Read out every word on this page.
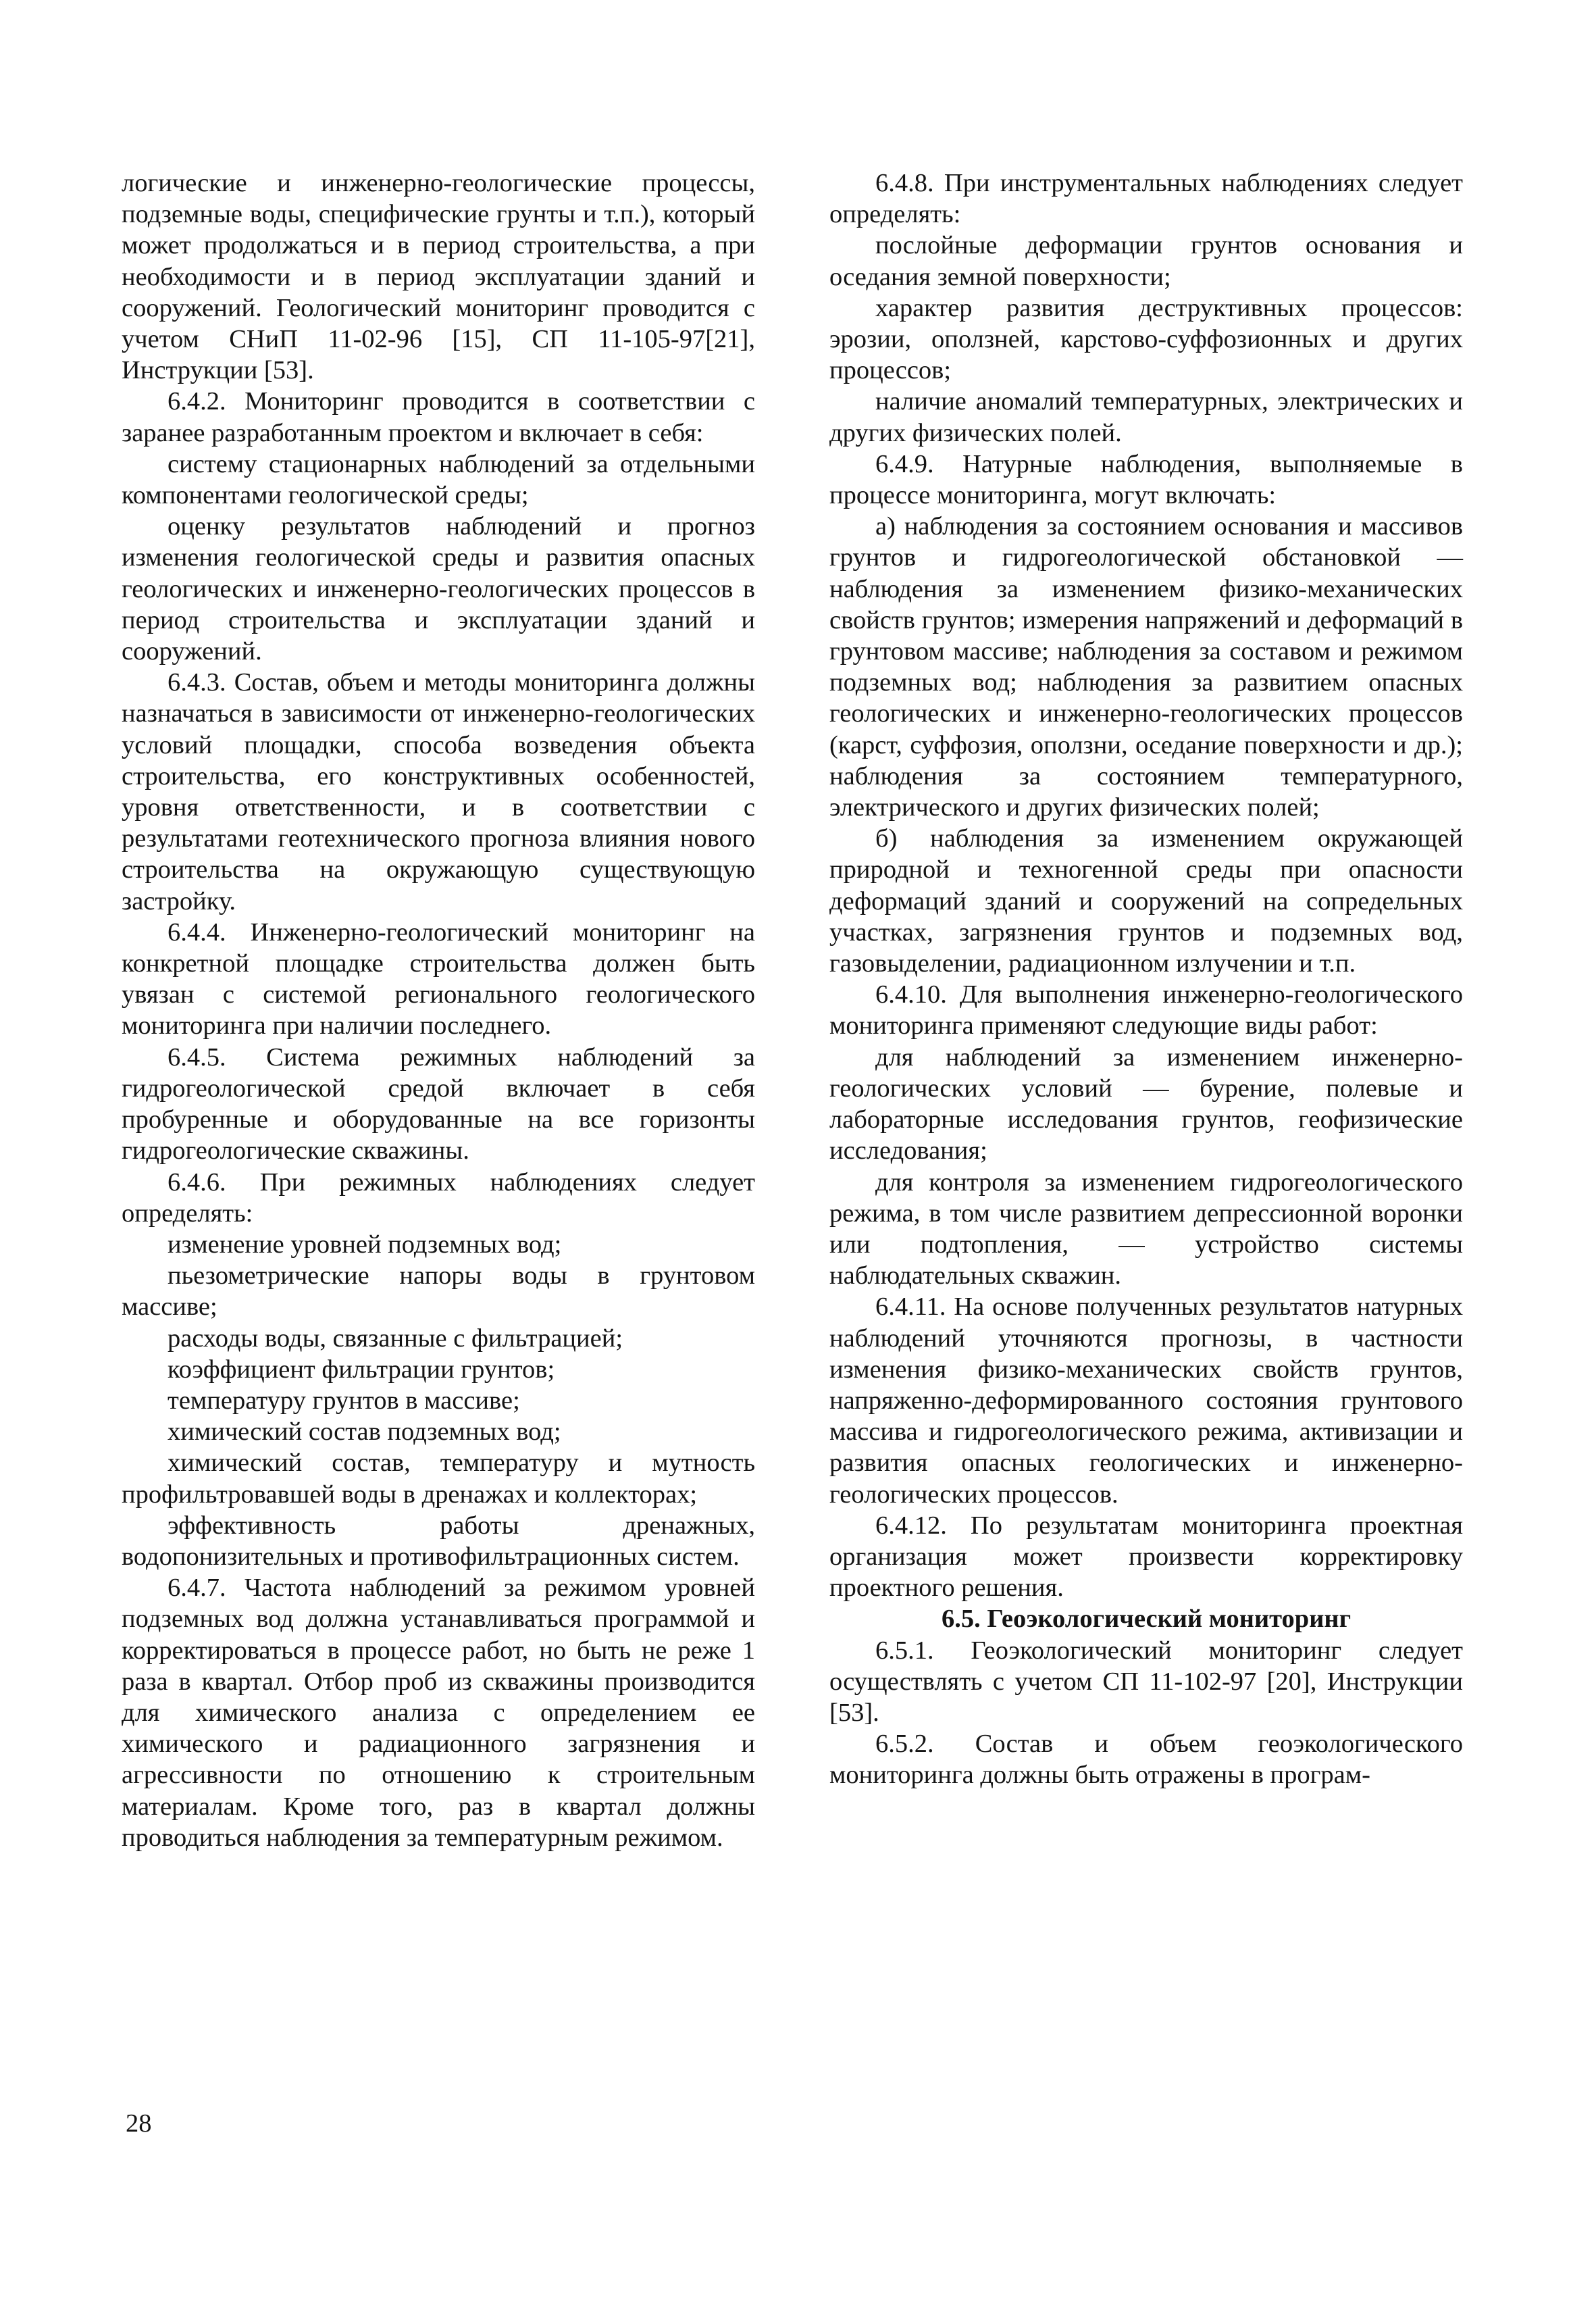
логические и инженерно-геологические процессы, подземные воды, специфические грунты и т.п.), который может продолжаться и в период строительства, а при необходимости и в период эксплуатации зданий и сооружений. Геологический мониторинг проводится с учетом СНиП 11-02-96 [15], СП 11-105-97[21], Инструкции [53].

6.4.2. Мониторинг проводится в соответствии с заранее разработанным проектом и включает в себя:

систему стационарных наблюдений за отдельными компонентами геологической среды;

оценку результатов наблюдений и прогноз изменения геологической среды и развития опасных геологических и инженерно-геологических процессов в период строительства и эксплуатации зданий и сооружений.

6.4.3. Состав, объем и методы мониторинга должны назначаться в зависимости от инженерно-геологических условий площадки, способа возведения объекта строительства, его конструктивных особенностей, уровня ответственности, и в соответствии с результатами геотехнического прогноза влияния нового строительства на окружающую существующую застройку.

6.4.4. Инженерно-геологический мониторинг на конкретной площадке строительства должен быть увязан с системой регионального геологического мониторинга при наличии последнего.

6.4.5. Система режимных наблюдений за гидрогеологической средой включает в себя пробуренные и оборудованные на все горизонты гидрогеологические скважины.

6.4.6. При режимных наблюдениях следует определять:

изменение уровней подземных вод;

пьезометрические напоры воды в грунтовом массиве;

расходы воды, связанные с фильтрацией;

коэффициент фильтрации грунтов;

температуру грунтов в массиве;

химический состав подземных вод;

химический состав, температуру и мутность профильтровавшей воды в дренажах и коллекторах;

эффективность работы дренажных, водопонизительных и противофильтрационных систем.

6.4.7. Частота наблюдений за режимом уровней подземных вод должна устанавливаться программой и корректироваться в процессе работ, но быть не реже 1 раза в квартал. Отбор проб из скважины производится для химического анализа с определением ее химического и радиационного загрязнения и агрессивности по отношению к строительным материалам. Кроме того, раз в квартал должны проводиться наблюдения за температурным режимом.

6.4.8. При инструментальных наблюдениях следует определять:

послойные деформации грунтов основания и оседания земной поверхности;

характер развития деструктивных процессов: эрозии, оползней, карстово-суффозионных и других процессов;

наличие аномалий температурных, электрических и других физических полей.

6.4.9. Натурные наблюдения, выполняемые в процессе мониторинга, могут включать:

а) наблюдения за состоянием основания и массивов грунтов и гидрогеологической обстановкой — наблюдения за изменением физико-механических свойств грунтов; измерения напряжений и деформаций в грунтовом массиве; наблюдения за составом и режимом подземных вод; наблюдения за развитием опасных геологических и инженерно-геологических процессов (карст, суффозия, оползни, оседание поверхности и др.); наблюдения за состоянием температурного, электрического и других физических полей;

б) наблюдения за изменением окружающей природной и техногенной среды при опасности деформаций зданий и сооружений на сопредельных участках, загрязнения грунтов и подземных вод, газовыделении, радиационном излучении и т.п.

6.4.10. Для выполнения инженерно-геологического мониторинга применяют следующие виды работ:

для наблюдений за изменением инженерно-геологических условий — бурение, полевые и лабораторные исследования грунтов, геофизические исследования;

для контроля за изменением гидрогеологического режима, в том числе развитием депрессионной воронки или подтопления, — устройство системы наблюдательных скважин.

6.4.11. На основе полученных результатов натурных наблюдений уточняются прогнозы, в частности изменения физико-механических свойств грунтов, напряженно-деформированного состояния грунтового массива и гидрогеологического режима, активизации и развития опасных геологических и инженерно-геологических процессов.

6.4.12. По результатам мониторинга проектная организация может произвести корректировку проектного решения.

6.5. Геоэкологический мониторинг

6.5.1. Геоэкологический мониторинг следует осуществлять с учетом СП 11-102-97 [20], Инструкции [53].

6.5.2. Состав и объем геоэкологического мониторинга должны быть отражены в програм-

28
